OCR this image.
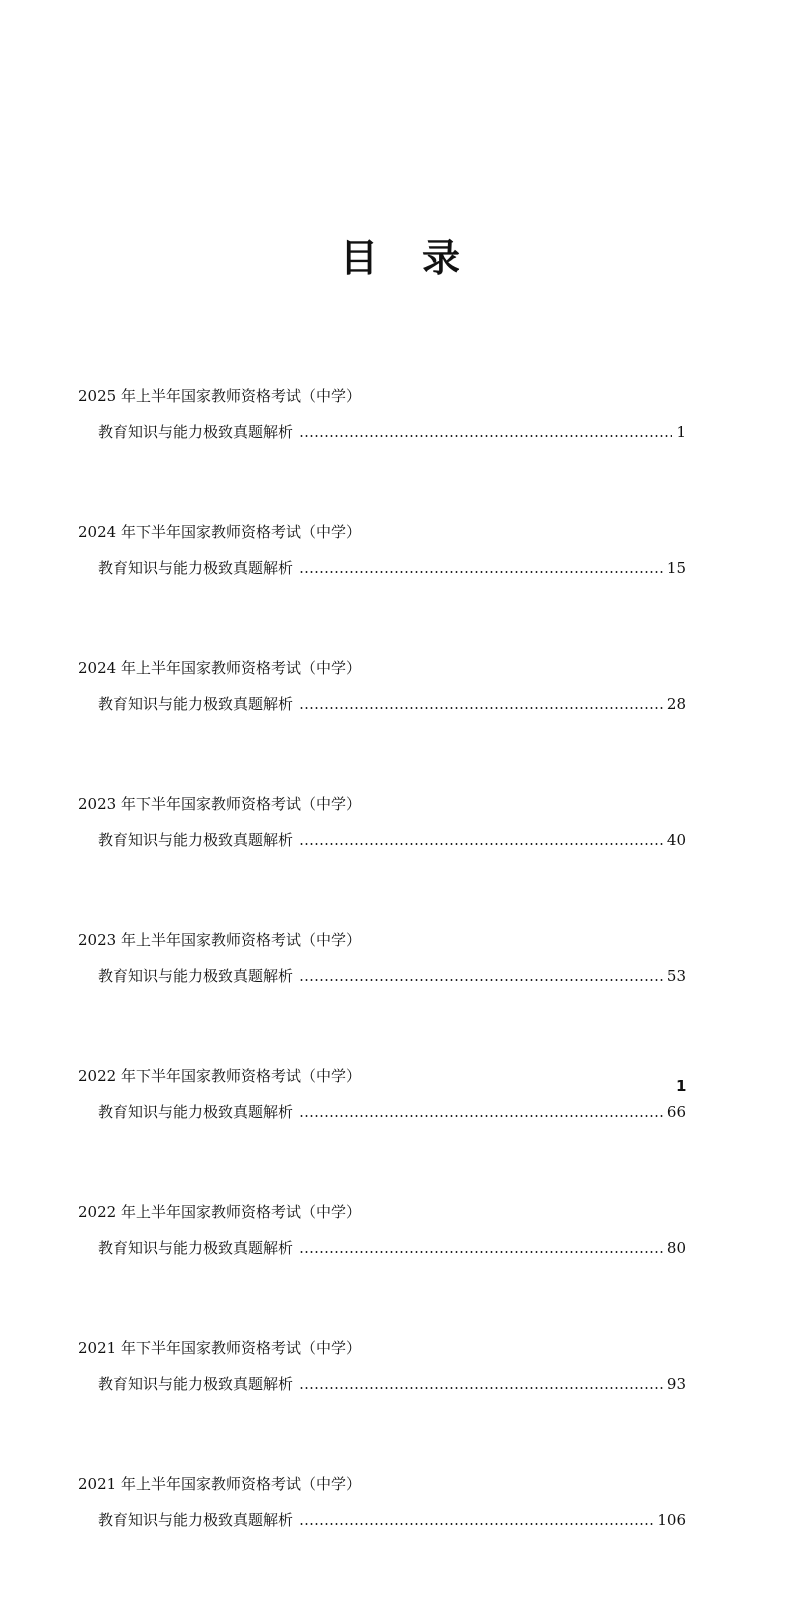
目录
2025 年上半年国家教师资格考试（中学）
教育知识与能力极致真题解析	1
2024 年下半年国家教师资格考试（中学）
教育知识与能力极致真题解析	15
2024 年上半年国家教师资格考试（中学）
教育知识与能力极致真题解析	28
2023 年下半年国家教师资格考试（中学）
教育知识与能力极致真题解析	40
2023 年上半年国家教师资格考试（中学）
教育知识与能力极致真题解析	53
2022 年下半年国家教师资格考试（中学）
教育知识与能力极致真题解析	66
2022 年上半年国家教师资格考试（中学）
教育知识与能力极致真题解析	80
2021 年下半年国家教师资格考试（中学）
教育知识与能力极致真题解析	93
2021 年上半年国家教师资格考试（中学）
教育知识与能力极致真题解析	106
1
